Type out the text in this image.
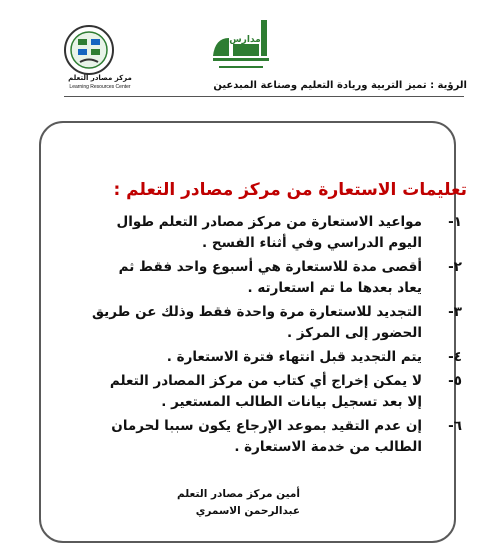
مركز مصادر التعلم
Learning Resources Center
مدارس
الرؤية : تميز التربية وريادة التعليم وصناعة المبدعين
تعليمات الاستعارة من مركز مصادر التعلم :
١-
مواعيد الاستعارة من مركز مصادر التعلم طوال اليوم الدراسي وفي أثناء الفسح .
٢-
أقصى مدة للاستعارة هي أسبوع واحد فقط ثم يعاد بعدها ما تم استعارته .
٣-
التجديد للاستعارة مرة واحدة فقط وذلك عن طريق الحضور إلى المركز .
٤-
يتم التجديد قبل انتهاء فترة الاستعارة .
٥-
لا يمكن إخراج أي كتاب من مركز المصادر التعلم إلا بعد تسجيل بيانات الطالب المستعير .
٦-
إن عدم التقيد بموعد الإرجاع يكون سببا لحرمان الطالب من خدمة الاستعارة .
أمين مركز مصادر التعلم
عبدالرحمن الاسمري
